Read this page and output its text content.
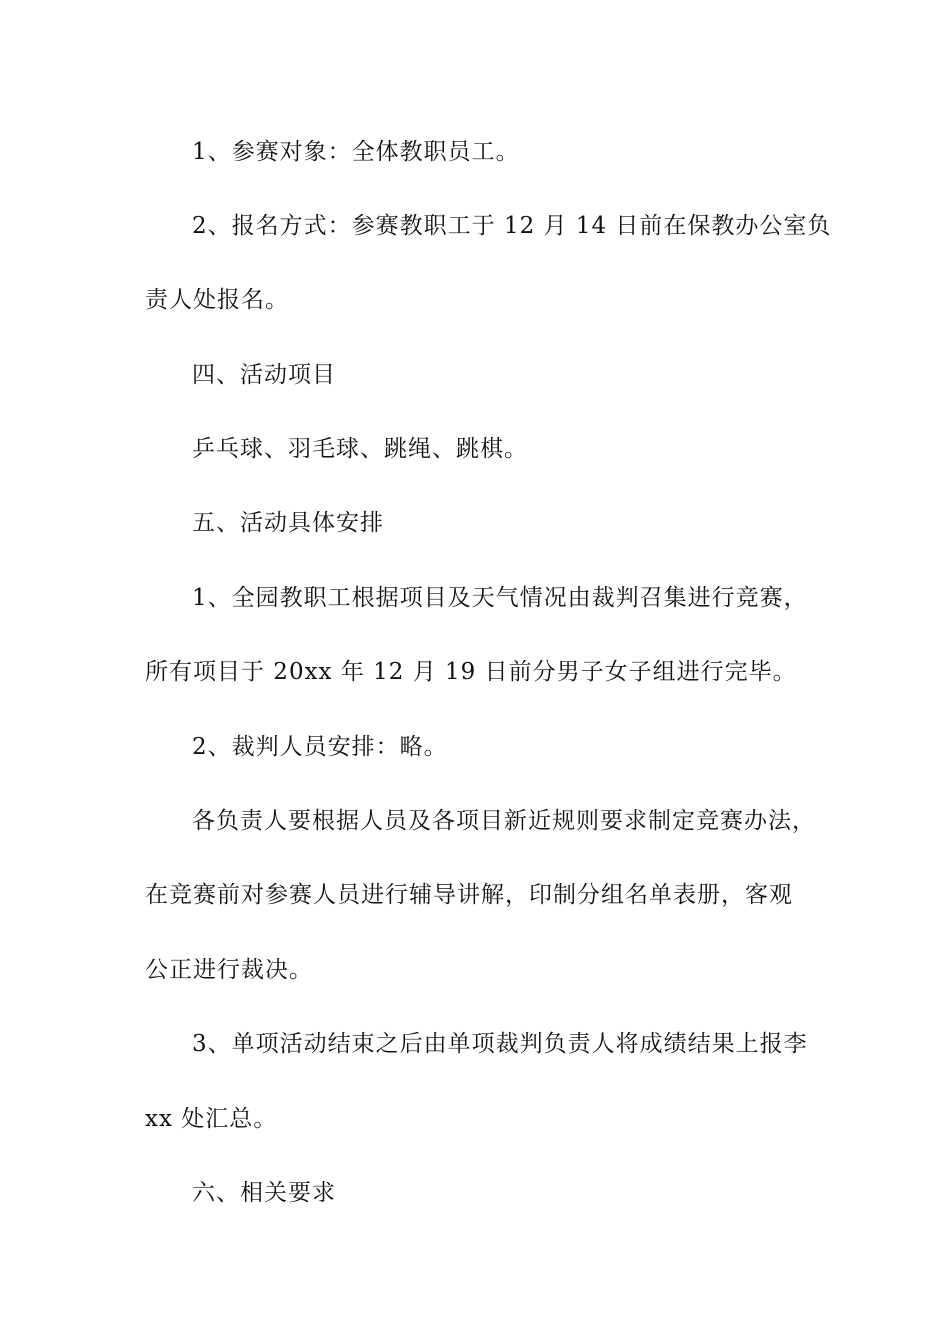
1、参赛对象：全体教职员工。
2、报名方式：参赛教职工于 12 月 14 日前在保教办公室负
责人处报名。
四、活动项目
乒乓球、羽毛球、跳绳、跳棋。
五、活动具体安排
1、全园教职工根据项目及天气情况由裁判召集进行竞赛，
所有项目于 20xx 年 12 月 19 日前分男子女子组进行完毕。
2、裁判人员安排：略。
各负责人要根据人员及各项目新近规则要求制定竞赛办法，
在竞赛前对参赛人员进行辅导讲解，印制分组名单表册，客观
公正进行裁决。
3、单项活动结束之后由单项裁判负责人将成绩结果上报李
xx 处汇总。
六、相关要求
